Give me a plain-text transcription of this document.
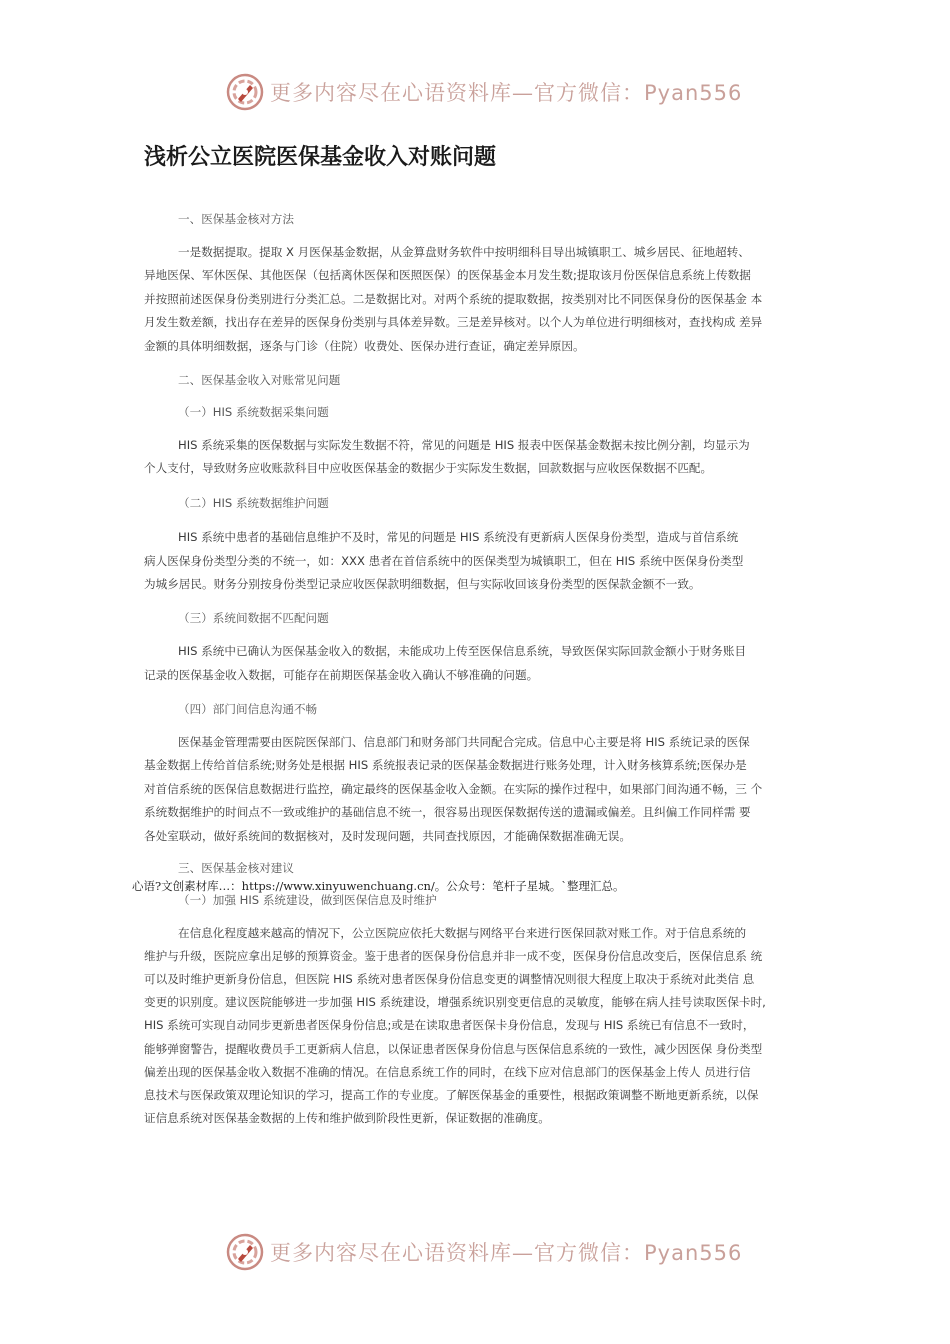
更多内容尽在心语资料库—官方微信：Pyan556
浅析公立医院医保基金收入对账问题
一、医保基金核对方法
一是数据提取。提取 X 月医保基金数据，从金算盘财务软件中按明细科目导出城镇职工、城乡居民、征地超转、
异地医保、军休医保、其他医保（包括离休医保和医照医保）的医保基金本月发生数;提取该月份医保信息系统上传数据
并按照前述医保身份类别进行分类汇总。二是数据比对。对两个系统的提取数据，按类别对比不同医保身份的医保基金 本
月发生数差额，找出存在差异的医保身份类别与具体差异数。三是差异核对。以个人为单位进行明细核对，查找构成 差异
金额的具体明细数据，逐条与门诊（住院）收费处、医保办进行查证，确定差异原因。
二、医保基金收入对账常见问题
（一）HIS 系统数据采集问题
HIS 系统采集的医保数据与实际发生数据不符，常见的问题是 HIS 报表中医保基金数据未按比例分割，均显示为
个人支付，导致财务应收账款科目中应收医保基金的数据少于实际发生数据，回款数据与应收医保数据不匹配。
（二）HIS 系统数据维护问题
HIS 系统中患者的基础信息维护不及时，常见的问题是 HIS 系统没有更新病人医保身份类型，造成与首信系统
病人医保身份类型分类的不统一，如：XXX 患者在首信系统中的医保类型为城镇职工，但在 HIS 系统中医保身份类型
为城乡居民。财务分别按身份类型记录应收医保款明细数据，但与实际收回该身份类型的医保款金额不一致。
（三）系统间数据不匹配问题
HIS 系统中已确认为医保基金收入的数据，未能成功上传至医保信息系统，导致医保实际回款金额小于财务账目
记录的医保基金收入数据，可能存在前期医保基金收入确认不够准确的问题。
（四）部门间信息沟通不畅
医保基金管理需要由医院医保部门、信息部门和财务部门共同配合完成。信息中心主要是将 HIS 系统记录的医保
基金数据上传给首信系统;财务处是根据 HIS 系统报表记录的医保基金数据进行账务处理，计入财务核算系统;医保办是
对首信系统的医保信息数据进行监控，确定最终的医保基金收入金额。在实际的操作过程中，如果部门间沟通不畅，三 个
系统数据维护的时间点不一致或维护的基础信息不统一，很容易出现医保数据传送的遗漏或偏差。且纠偏工作同样需 要
各处室联动，做好系统间的数据核对，及时发现问题，共同查找原因，才能确保数据准确无误。
三、医保基金核对建议
（一）加强 HIS 系统建设，做到医保信息及时维护
在信息化程度越来越高的情况下，公立医院应依托大数据与网络平台来进行医保回款对账工作。对于信息系统的
维护与升级，医院应拿出足够的预算资金。鉴于患者的医保身份信息并非一成不变，医保身份信息改变后，医保信息系 统
可以及时维护更新身份信息，但医院 HIS 系统对患者医保身份信息变更的调整情况则很大程度上取决于系统对此类信 息
变更的识别度。建议医院能够进一步加强 HIS 系统建设，增强系统识别变更信息的灵敏度，能够在病人挂号读取医保卡时,
HIS 系统可实现自动同步更新患者医保身份信息;或是在读取患者医保卡身份信息，发现与 HIS 系统已有信息不一致时，
能够弹窗警告，提醒收费员手工更新病人信息，以保证患者医保身份信息与医保信息系统的一致性，减少因医保 身份类型
偏差出现的医保基金收入数据不准确的情况。在信息系统工作的同时，在线下应对信息部门的医保基金上传人 员进行信
息技术与医保政策双理论知识的学习，提高工作的专业度。了解医保基金的重要性，根据政策调整不断地更新系统，以保
证信息系统对医保基金数据的上传和维护做到阶段性更新，保证数据的准确度。
心语?文创素材库…：https://www.xinyuwenchuang.cn/。公众号：笔杆子星城。`整理汇总。
更多内容尽在心语资料库—官方微信：Pyan556
